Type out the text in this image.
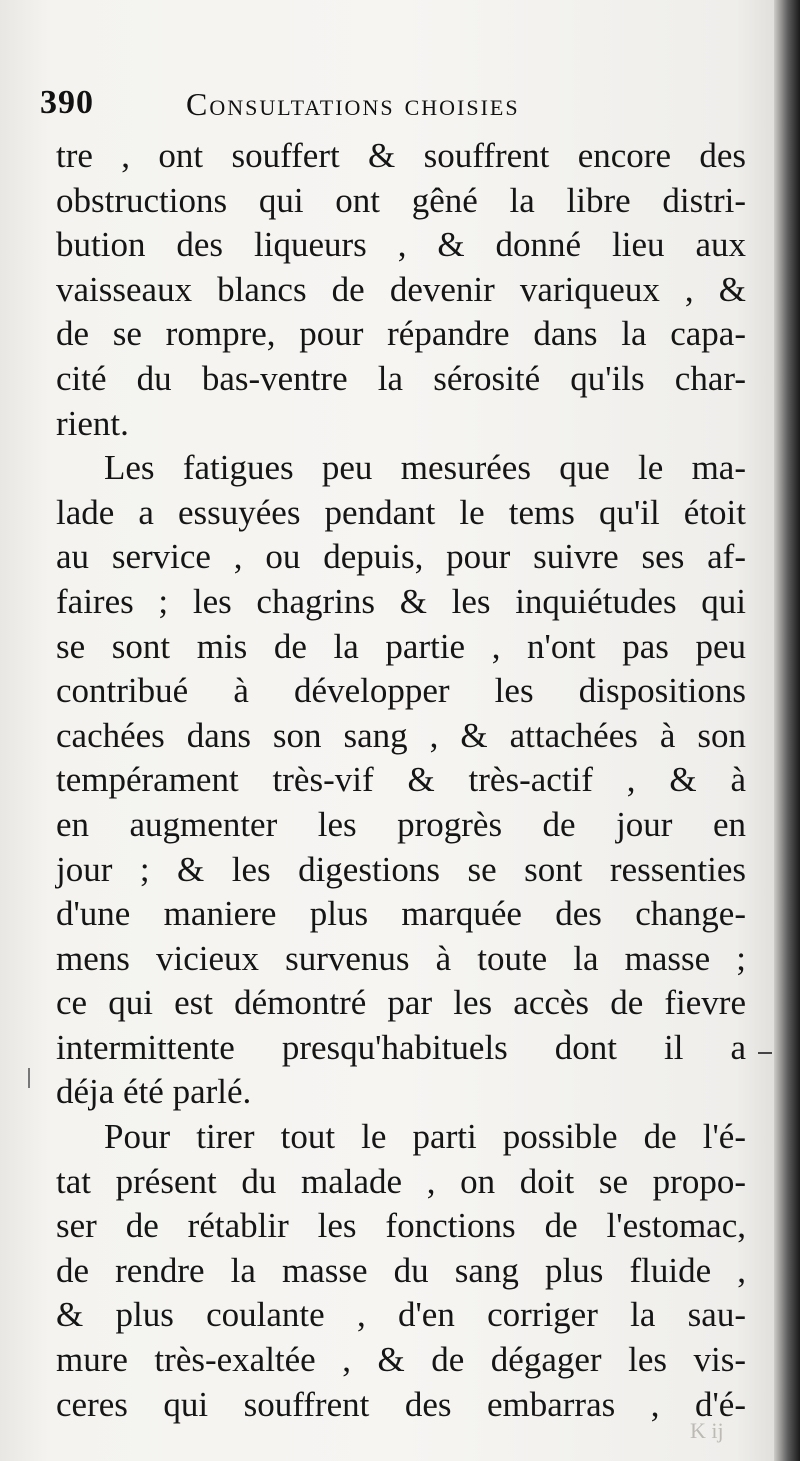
390	Consultations choisies
tre , ont souffert & souffrent encore des
obstructions qui ont gêné la libre distri-
bution des liqueurs , & donné lieu aux
vaisseaux blancs de devenir variqueux , &
de se rompre, pour répandre dans la capa-
cité du bas-ventre la sérosité qu'ils char-
rient.
Les fatigues peu mesurées que le ma-
lade a essuyées pendant le tems qu'il étoit
au service , ou depuis, pour suivre ses af-
faires ; les chagrins & les inquiétudes qui
se sont mis de la partie , n'ont pas peu
contribué à développer les dispositions
cachées dans son sang , & attachées à son
tempérament très-vif & très-actif , & à
en augmenter les progrès de jour en
jour ; & les digestions se sont ressenties
d'une maniere plus marquée des change-
mens vicieux survenus à toute la masse ;
ce qui est démontré par les accès de fievre
intermittente presqu'habituels dont il a
déja été parlé.
Pour tirer tout le parti possible de l'é-
tat présent du malade , on doit se propo-
ser de rétablir les fonctions de l'estomac,
de rendre la masse du sang plus fluide ,
& plus coulante , d'en corriger la sau-
mure très-exaltée , & de dégager les vis-
ceres qui souffrent des embarras , d'é-
K ij
